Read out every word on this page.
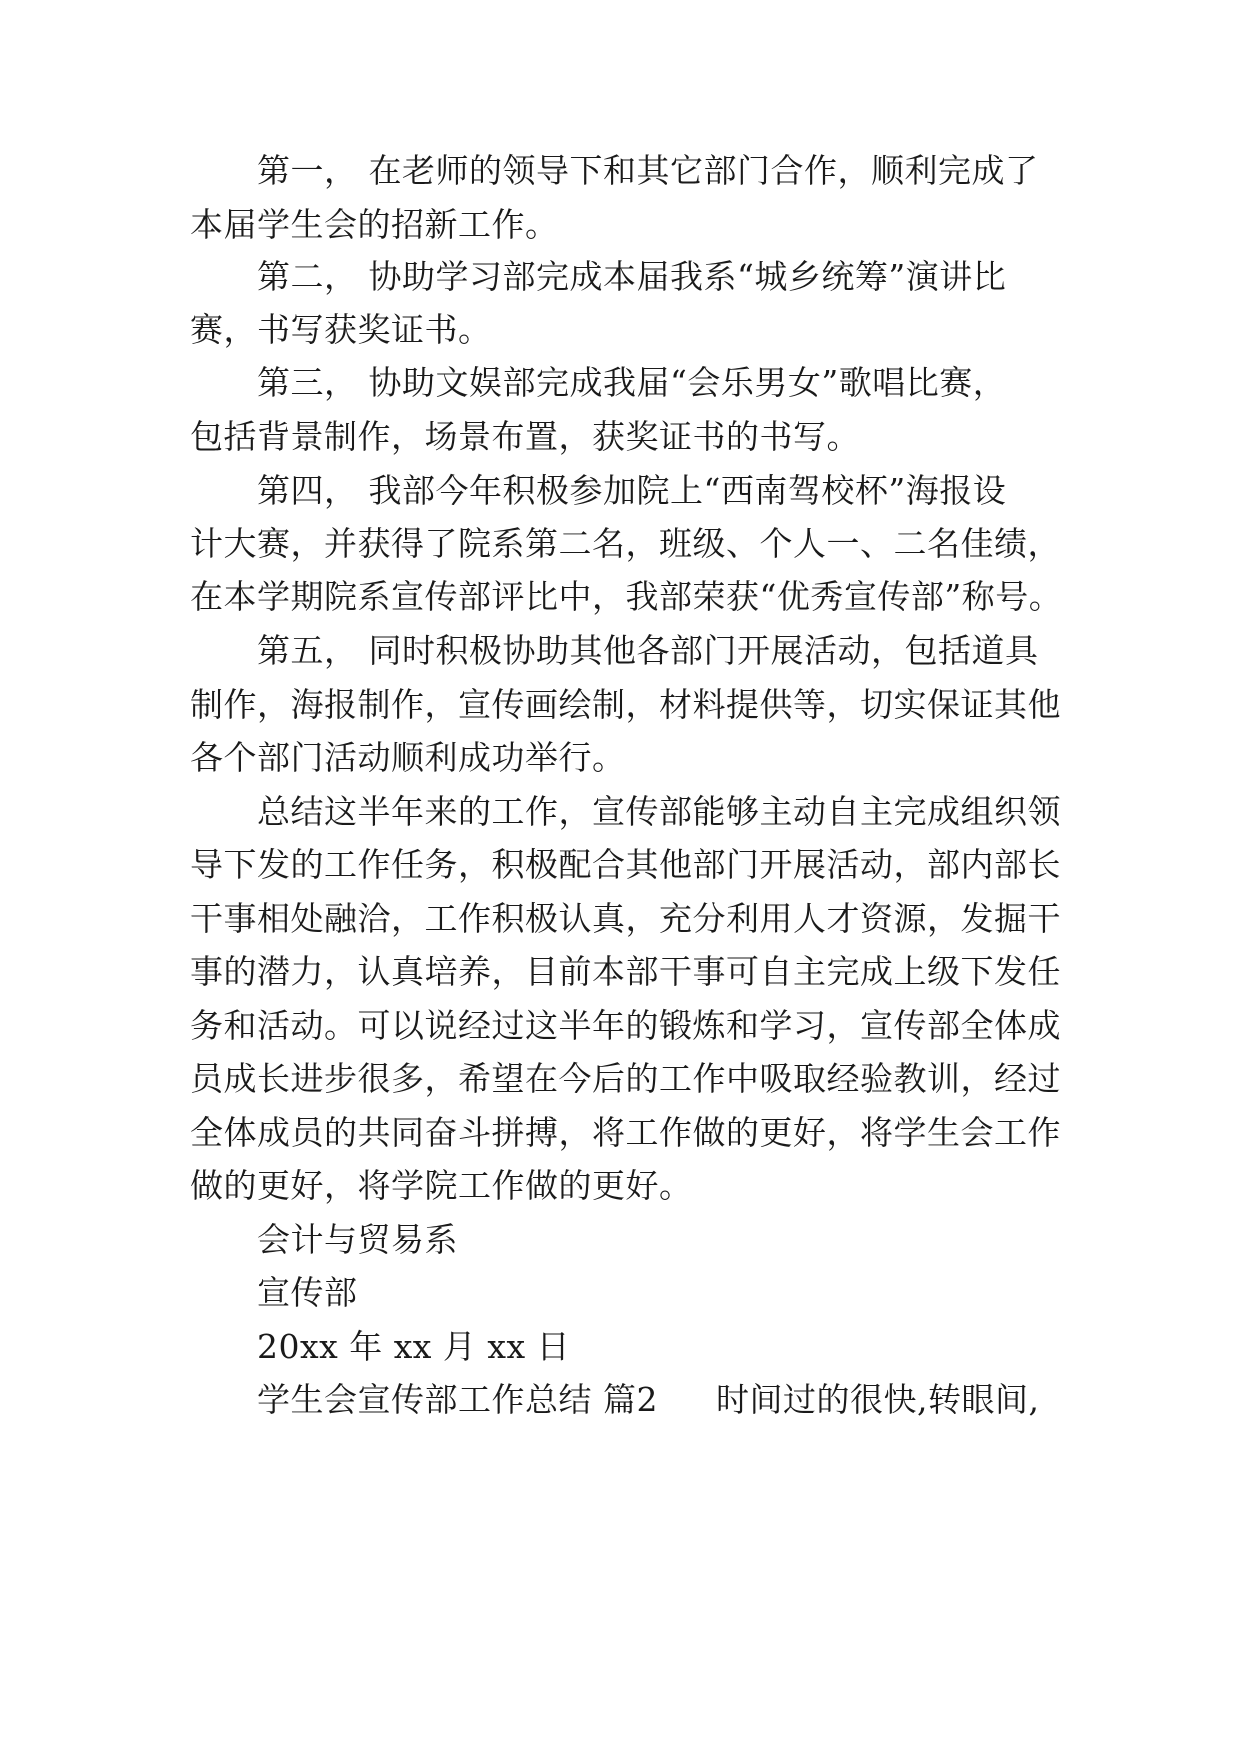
第一， 在老师的领导下和其它部门合作，顺利完成了
本届学生会的招新工作。
第二， 协助学习部完成本届我系“城乡统筹”演讲比
赛，书写获奖证书。
第三， 协助文娱部完成我届“会乐男女”歌唱比赛，
包括背景制作，场景布置，获奖证书的书写。
第四， 我部今年积极参加院上“西南驾校杯”海报设
计大赛，并获得了院系第二名，班级、个人一、二名佳绩，
在本学期院系宣传部评比中，我部荣获“优秀宣传部”称号。
第五， 同时积极协助其他各部门开展活动，包括道具
制作，海报制作，宣传画绘制，材料提供等，切实保证其他
各个部门活动顺利成功举行。
总结这半年来的工作，宣传部能够主动自主完成组织领
导下发的工作任务，积极配合其他部门开展活动，部内部长
干事相处融洽，工作积极认真，充分利用人才资源，发掘干
事的潜力，认真培养，目前本部干事可自主完成上级下发任
务和活动。可以说经过这半年的锻炼和学习，宣传部全体成
员成长进步很多，希望在今后的工作中吸取经验教训，经过
全体成员的共同奋斗拼搏，将工作做的更好，将学生会工作
做的更好，将学院工作做的更好。
会计与贸易系
宣传部
20xx 年 xx 月 xx 日
学生会宣传部工作总结 篇2 时间过的很快,转眼间,
